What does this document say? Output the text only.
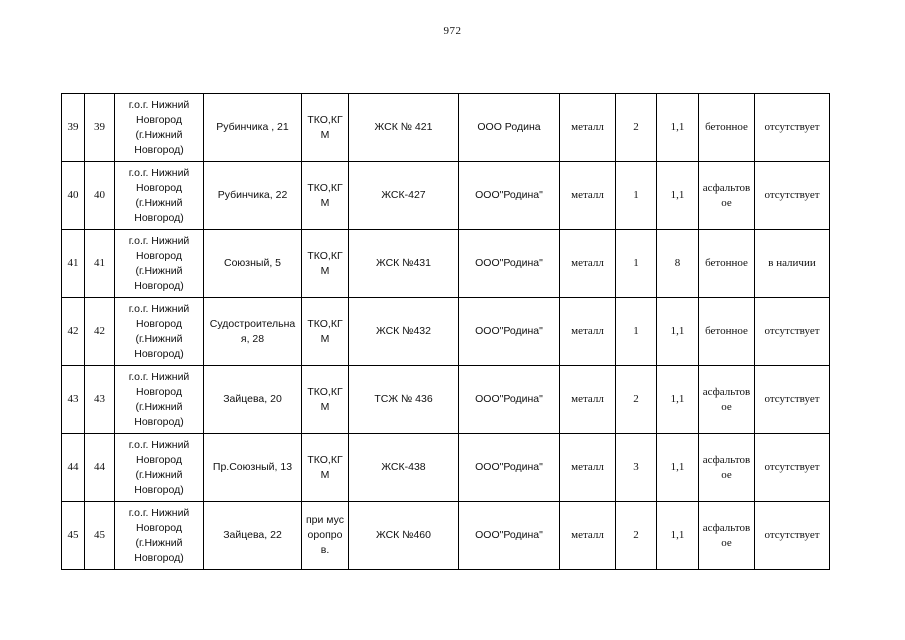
972
39	39	г.о.г. Нижний Новгород (г.Нижний Новгород)	Рубинчика , 21	ТКО,КГМ	ЖСК № 421	ООО Родина	металл	2	1,1	бетонное	отсутствует
40	40	г.о.г. Нижний Новгород (г.Нижний Новгород)	Рубинчика, 22	ТКО,КГМ	ЖСК-427	ООО"Родина"	металл	1	1,1	асфальтовое	отсутствует
41	41	г.о.г. Нижний Новгород (г.Нижний Новгород)	Союзный, 5	ТКО,КГМ	ЖСК №431	ООО"Родина"	металл	1	8	бетонное	в наличии
42	42	г.о.г. Нижний Новгород (г.Нижний Новгород)	Судостроительная, 28	ТКО,КГМ	ЖСК №432	ООО"Родина"	металл	1	1,1	бетонное	отсутствует
43	43	г.о.г. Нижний Новгород (г.Нижний Новгород)	Зайцева, 20	ТКО,КГМ	ТСЖ № 436	ООО"Родина"	металл	2	1,1	асфальтовое	отсутствует
44	44	г.о.г. Нижний Новгород (г.Нижний Новгород)	Пр.Союзный, 13	ТКО,КГМ	ЖСК-438	ООО"Родина"	металл	3	1,1	асфальтовое	отсутствует
45	45	г.о.г. Нижний Новгород (г.Нижний Новгород)	Зайцева, 22	при мусоропров.	ЖСК №460	ООО"Родина"	металл	2	1,1	асфальтовое	отсутствует
